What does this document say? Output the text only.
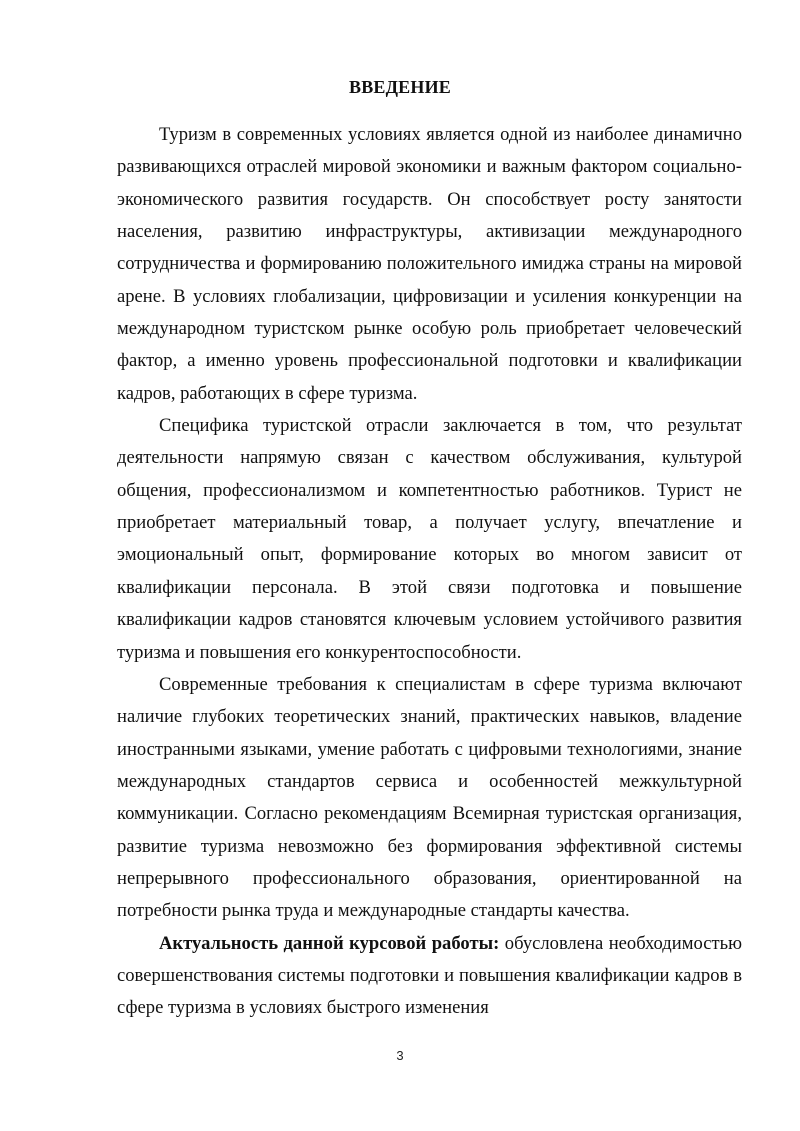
ВВЕДЕНИЕ

Туризм в современных условиях является одной из наиболее динамично развивающихся отраслей мировой экономики и важным фактором социально-экономического развития государств. Он способствует росту занятости населения, развитию инфраструктуры, активизации международного сотрудничества и формированию положительного имиджа страны на мировой арене. В условиях глобализации, цифровизации и усиления конкуренции на международном туристском рынке особую роль приобретает человеческий фактор, а именно уровень профессиональной подготовки и квалификации кадров, работающих в сфере туризма.

Специфика туристской отрасли заключается в том, что результат деятельности напрямую связан с качеством обслуживания, культурой общения, профессионализмом и компетентностью работников. Турист не приобретает материальный товар, а получает услугу, впечатление и эмоциональный опыт, формирование которых во многом зависит от квалификации персонала. В этой связи подготовка и повышение квалификации кадров становятся ключевым условием устойчивого развития туризма и повышения его конкурентоспособности.

Современные требования к специалистам в сфере туризма включают наличие глубоких теоретических знаний, практических навыков, владение иностранными языками, умение работать с цифровыми технологиями, знание международных стандартов сервиса и особенностей межкультурной коммуникации. Согласно рекомендациям Всемирная туристская организация, развитие туризма невозможно без формирования эффективной системы непрерывного профессионального образования, ориентированной на потребности рынка труда и международные стандарты качества.

Актуальность данной курсовой работы: обусловлена необходимостью совершенствования системы подготовки и повышения квалификации кадров в сфере туризма в условиях быстрого изменения

3
